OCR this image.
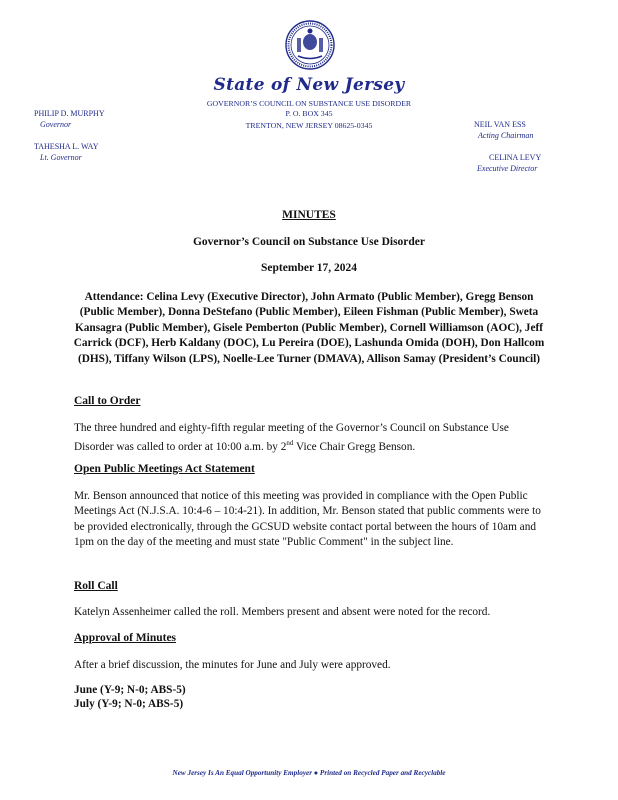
State of New Jersey
GOVERNOR’S COUNCIL ON SUBSTANCE USE DISORDER
P. O. BOX 345
TRENTON, NEW JERSEY 08625-0345
PHILIP D. MURPHY
Governor
TAHESHA L. WAY
Lt. Governor
NEIL VAN ESS
Acting Chairman
CELINA LEVY
Executive Director
MINUTES
Governor’s Council on Substance Use Disorder
September 17, 2024
Attendance: Celina Levy (Executive Director), John Armato (Public Member), Gregg Benson (Public Member), Donna DeStefano (Public Member), Eileen Fishman (Public Member), Sweta Kansagra (Public Member), Gisele Pemberton (Public Member), Cornell Williamson (AOC), Jeff Carrick (DCF), Herb Kaldany (DOC), Lu Pereira (DOE), Lashunda Omida (DOH), Don Hallcom (DHS), Tiffany Wilson (LPS), Noelle-Lee Turner (DMAVA), Allison Samay (President’s Council)
Call to Order
The three hundred and eighty-fifth regular meeting of the Governor’s Council on Substance Use Disorder was called to order at 10:00 a.m. by 2nd Vice Chair Gregg Benson.
Open Public Meetings Act Statement
Mr. Benson announced that notice of this meeting was provided in compliance with the Open Public Meetings Act (N.J.S.A. 10:4-6 – 10:4-21). In addition, Mr. Benson stated that public comments were to be provided electronically, through the GCSUD website contact portal between the hours of 10am and 1pm on the day of the meeting and must state "Public Comment" in the subject line.
Roll Call
Katelyn Assenheimer called the roll. Members present and absent were noted for the record.
Approval of Minutes
After a brief discussion, the minutes for June and July were approved.
June (Y-9; N-0; ABS-5)
July (Y-9; N-0; ABS-5)
New Jersey Is An Equal Opportunity Employer ● Printed on Recycled Paper and Recyclable
